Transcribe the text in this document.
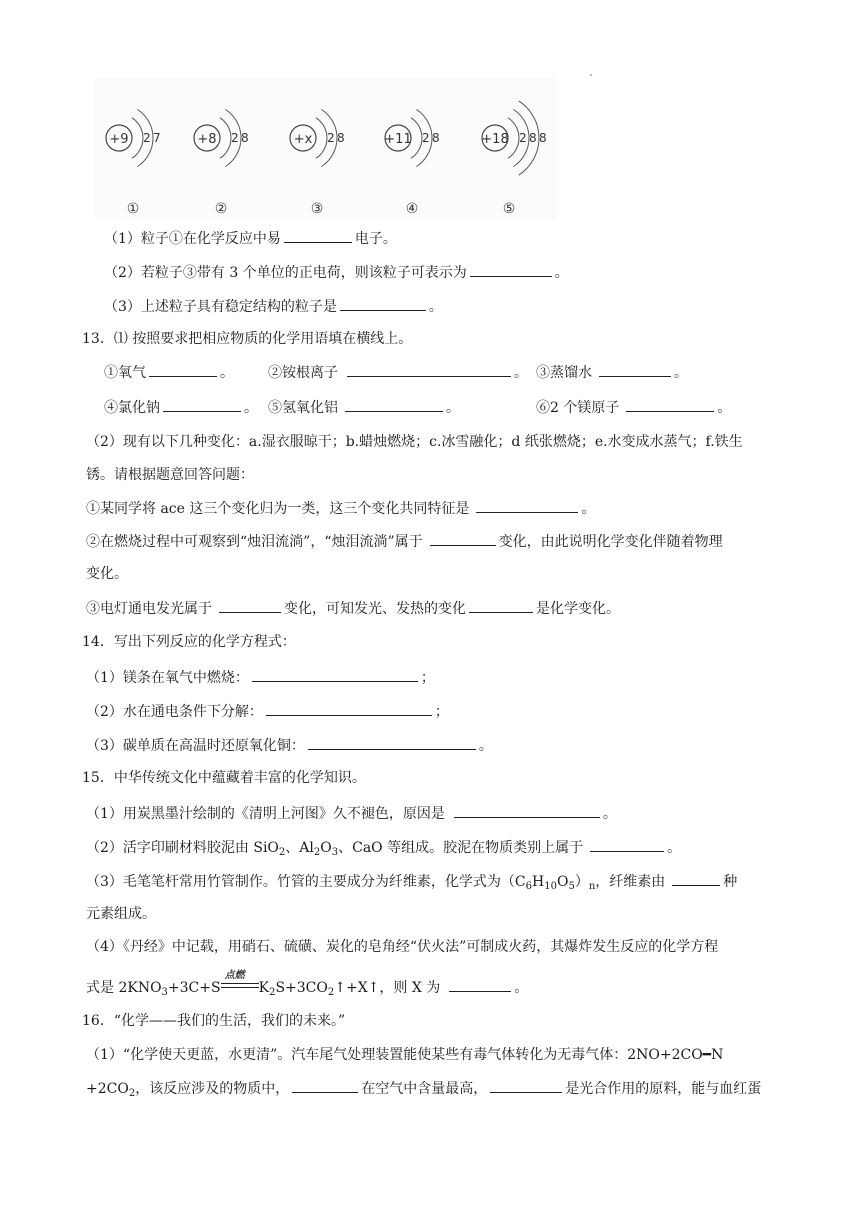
+9 2 7
①
+8 2 8
②
+x 2 8
③
+11 2 8
④
+18 2 8 8
⑤
（1）粒子①在化学反应中易	电子。
（2）若粒子③带有 3 个单位的正电荷，则该粒子可表示为	。
（3）上述粒子具有稳定结构的粒子是	。
13．⑴ 按照要求把相应物质的化学用语填在横线上。
①氧气	。 ②铵根离子	。 ③蒸馏水	。
④氯化钠	。 ⑤氢氧化铝	。	⑥2 个镁原子	。
（2）现有以下几种变化：a.湿衣服晾干；b.蜡烛燃烧；c.冰雪融化；d 纸张燃烧；e.水变成水蒸气；f.铁生
锈。请根据题意回答问题：
①某同学将 ace 这三个变化归为一类，这三个变化共同特征是	。
②在燃烧过程中可观察到“烛泪流淌”，“烛泪流淌”属于	变化，由此说明化学变化伴随着物理
变化。
③电灯通电发光属于	变化，可知发光、发热的变化	是化学变化。
14．写出下列反应的化学方程式：
（1）镁条在氧气中燃烧：	；
（2）水在通电条件下分解：	；
（3）碳单质在高温时还原氧化铜：	。
15．中华传统文化中蕴藏着丰富的化学知识。
（1）用炭黑墨汁绘制的《清明上河图》久不褪色，原因是	。
（2）活字印刷材料胶泥由 SiO$_2$、$Al_2O_3$、CaO 等组成。胶泥在物质类别上属于	。
（3）毛笔笔杆常用竹管制作。竹管的主要成分为纤维素，化学式为$(C_6H_{10}O_5)_n$，纤维素由	种
元素组成。
（4）《丹经》中记载，用硝石、硫磺、炭化的皂角经“伏火法”可制成火药，其爆炸发生反应的化学方程
式是 $2KNO_3+3C+S$
点燃
$K_2S+3CO_2↑+X↑$，则 X 为	。
16．“化学——我们的生活，我们的未来。”
（1）“化学使天更蓝，水更清”。汽车尾气处理装置能使某些有毒气体转化为无毒气体：2NO+2CO━N
$+2CO_2$，该反应涉及的物质中，	在空气中含量最高，	是光合作用的原料，能与血红蛋
